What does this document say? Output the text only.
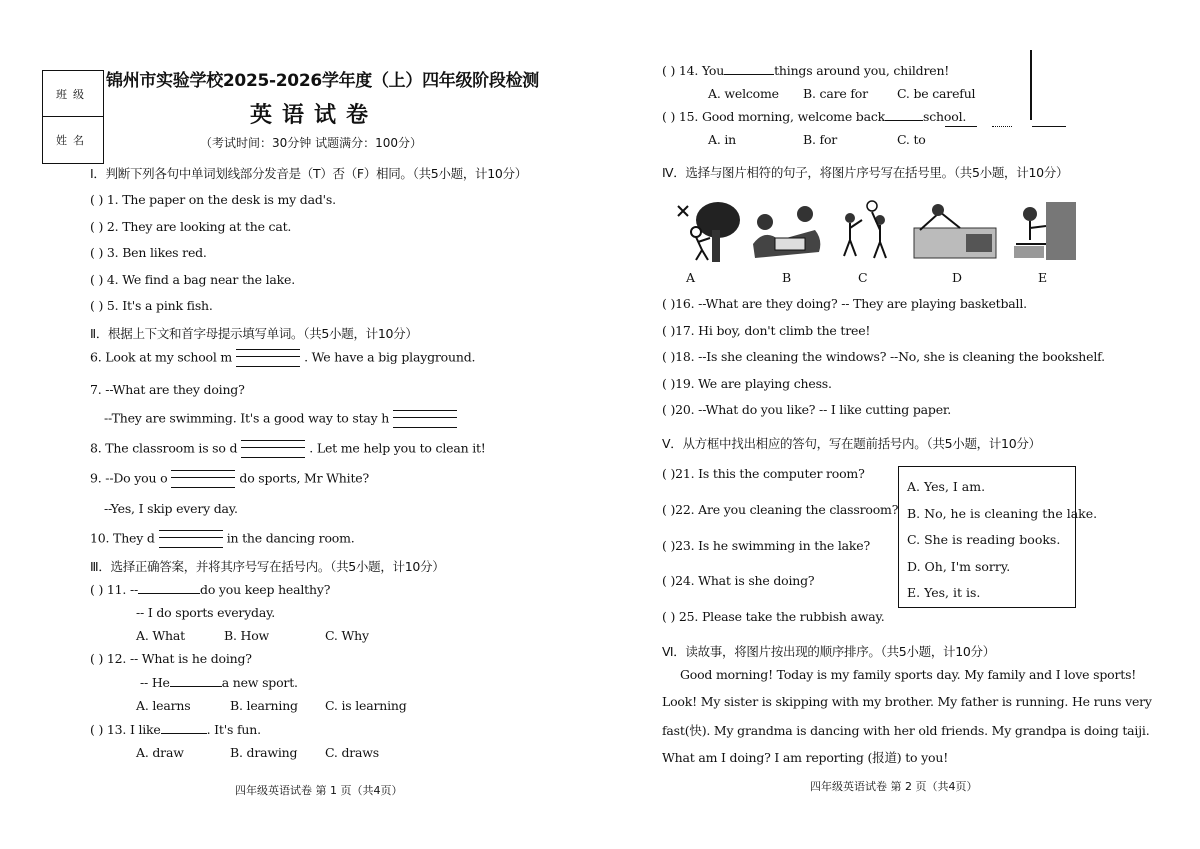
班级
姓名
锦州市实验学校2025-2026学年度（上）四年级阶段检测
英语试卷
（考试时间：30分钟 试题满分：100分）
Ⅰ．判断下列各句中单词划线部分发音是（T）否（F）相同。（共5小题，计10分）
( ) 1. The paper on the desk is my dad's.
( ) 2. They are looking at the cat.
( ) 3. Ben likes red.
( ) 4. We find a bag near the lake.
( ) 5. It's a pink fish.
Ⅱ．根据上下文和首字母提示填写单词。（共5小题，计10分）
6. Look at my school m	. We have a big playground.
7. --What are they doing?
--They are swimming. It's a good way to stay h
8. The classroom is so d	. Let me help you to clean it!
9. --Do you o	do sports, Mr White?
--Yes, I skip every day.
10. They d	in the dancing room.
Ⅲ．选择正确答案，并将其序号写在括号内。（共5小题，计10分）
( ) 11. --	do you keep healthy?
-- I do sports everyday.
A. What	B. How	C. Why
( ) 12. -- What is he doing?
-- He	a new sport.
A. learns	B. learning C. is learning
( ) 13. I like	. It's fun.
A. draw	B. drawing C. draws
四年级英语试卷 第 1 页（共4页）
( ) 14. You	things around you, children!
A. welcome B. care for C. be careful
( ) 15. Good morning, welcome back	school.
A. in	B. for	C. to
Ⅳ．选择与图片相符的句子，将图片序号写在括号里。（共5小题，计10分）
A	B	C	D	E
( )16. --What are they doing? -- They are playing basketball.
( )17. Hi boy, don't climb the tree!
( )18. --Is she cleaning the windows? --No, she is cleaning the bookshelf.
( )19. We are playing chess.
( )20. --What do you like? -- I like cutting paper.
Ⅴ．从方框中找出相应的答句，写在题前括号内。（共5小题，计10分）
( )21. Is this the computer room?
( )22. Are you cleaning the classroom?
( )23. Is he swimming in the lake?
( )24. What is she doing?
( ) 25. Please take the rubbish away.
A. Yes, I am.
B. No, he is cleaning the lake.
C. She is reading books.
D. Oh, I'm sorry.
E. Yes, it is.
Ⅵ．读故事，将图片按出现的顺序排序。（共5小题，计10分）
Good morning! Today is my family sports day. My family and I love sports!
Look! My sister is skipping with my brother. My father is running. He runs very
fast(快). My grandma is dancing with her old friends. My grandpa is doing taiji.
What am I doing? I am reporting (报道) to you!
四年级英语试卷 第 2 页（共4页）
